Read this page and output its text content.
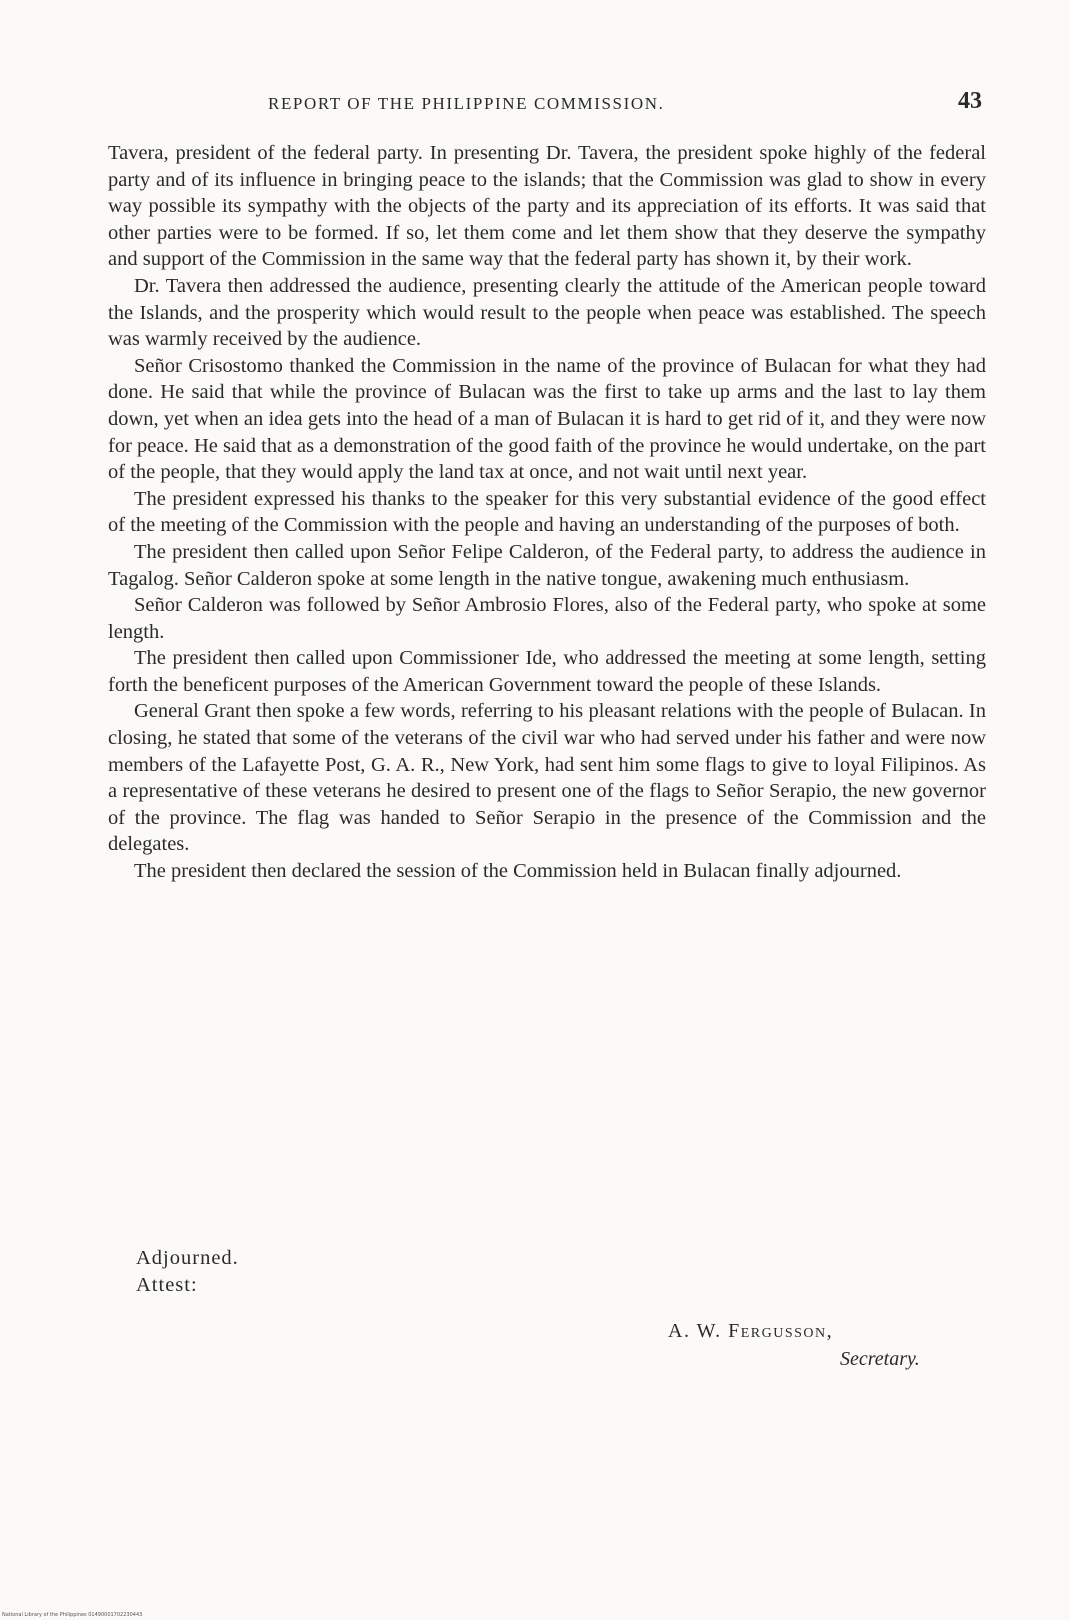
REPORT OF THE PHILIPPINE COMMISSION.	43

Tavera, president of the federal party. In presenting Dr. Tavera, the president spoke highly of the federal party and of its influence in bringing peace to the islands; that the Commission was glad to show in every way possible its sympathy with the objects of the party and its appreciation of its efforts. It was said that other parties were to be formed. If so, let them come and let them show that they deserve the sympathy and support of the Commission in the same way that the federal party has shown it, by their work.

Dr. Tavera then addressed the audience, presenting clearly the attitude of the American people toward the Islands, and the prosperity which would result to the people when peace was established. The speech was warmly received by the audience.

Señor Crisostomo thanked the Commission in the name of the province of Bulacan for what they had done. He said that while the province of Bulacan was the first to take up arms and the last to lay them down, yet when an idea gets into the head of a man of Bulacan it is hard to get rid of it, and they were now for peace. He said that as a demonstration of the good faith of the province he would undertake, on the part of the people, that they would apply the land tax at once, and not wait until next year.

The president expressed his thanks to the speaker for this very substantial evidence of the good effect of the meeting of the Commission with the people and having an understanding of the purposes of both.

The president then called upon Señor Felipe Calderon, of the Federal party, to address the audience in Tagalog. Señor Calderon spoke at some length in the native tongue, awakening much enthusiasm.

Señor Calderon was followed by Señor Ambrosio Flores, also of the Federal party, who spoke at some length.

The president then called upon Commissioner Ide, who addressed the meeting at some length, setting forth the beneficent purposes of the American Government toward the people of these Islands.

General Grant then spoke a few words, referring to his pleasant relations with the people of Bulacan. In closing, he stated that some of the veterans of the civil war who had served under his father and were now members of the Lafayette Post, G. A. R., New York, had sent him some flags to give to loyal Filipinos. As a representative of these veterans he desired to present one of the flags to Señor Serapio, the new governor of the province. The flag was handed to Señor Serapio in the presence of the Commission and the delegates.

The president then declared the session of the Commission held in Bulacan finally adjourned.

Adjourned.
Attest:
A. W. Fergusson,
Secretary.
National Library of the Philippines 01490001702230443
